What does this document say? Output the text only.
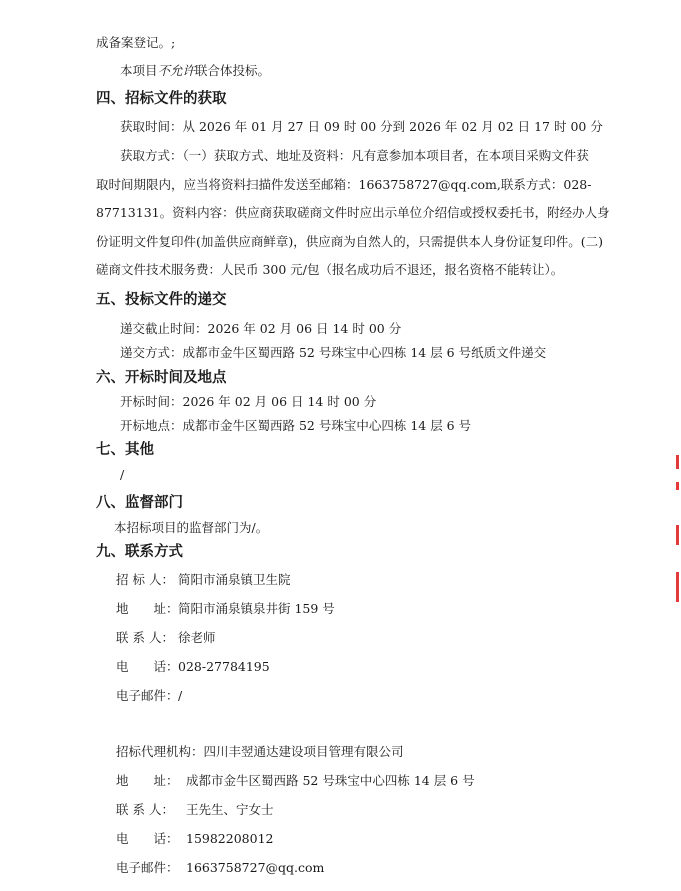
成备案登记。;
本项目不允许联合体投标。
四、招标文件的获取
获取时间：从 2026 年 01 月 27 日 09 时 00 分到 2026 年 02 月 02 日 17 时 00 分
获取方式：（一）获取方式、地址及资料：凡有意参加本项目者，在本项目采购文件获
取时间期限内，应当将资料扫描件发送至邮箱：1663758727@qq.com,联系方式：028-
87713131。资料内容：供应商获取磋商文件时应出示单位介绍信或授权委托书，附经办人身
份证明文件复印件(加盖供应商鲜章)，供应商为自然人的，只需提供本人身份证复印件。(二)
磋商文件技术服务费：人民币 300 元/包（报名成功后不退还，报名资格不能转让）。
五、投标文件的递交
递交截止时间：2026 年 02 月 06 日 14 时 00 分
递交方式：成都市金牛区蜀西路 52 号珠宝中心四栋 14 层 6 号纸质文件递交
六、开标时间及地点
开标时间：2026 年 02 月 06 日 14 时 00 分
开标地点：成都市金牛区蜀西路 52 号珠宝中心四栋 14 层 6 号
七、其他
/
八、监督部门
本招标项目的监督部门为/。
九、联系方式
招 标 人： 简阳市涌泉镇卫生院
地　　址：简阳市涌泉镇泉井街 159 号
联 系 人： 徐老师
电　　话：028-27784195
电子邮件：/
招标代理机构：四川丰翌通达建设项目管理有限公司
地　　址： 成都市金牛区蜀西路 52 号珠宝中心四栋 14 层 6 号
联 系 人： 王先生、宁女士
电　　话： 15982208012
电子邮件： 1663758727@qq.com
